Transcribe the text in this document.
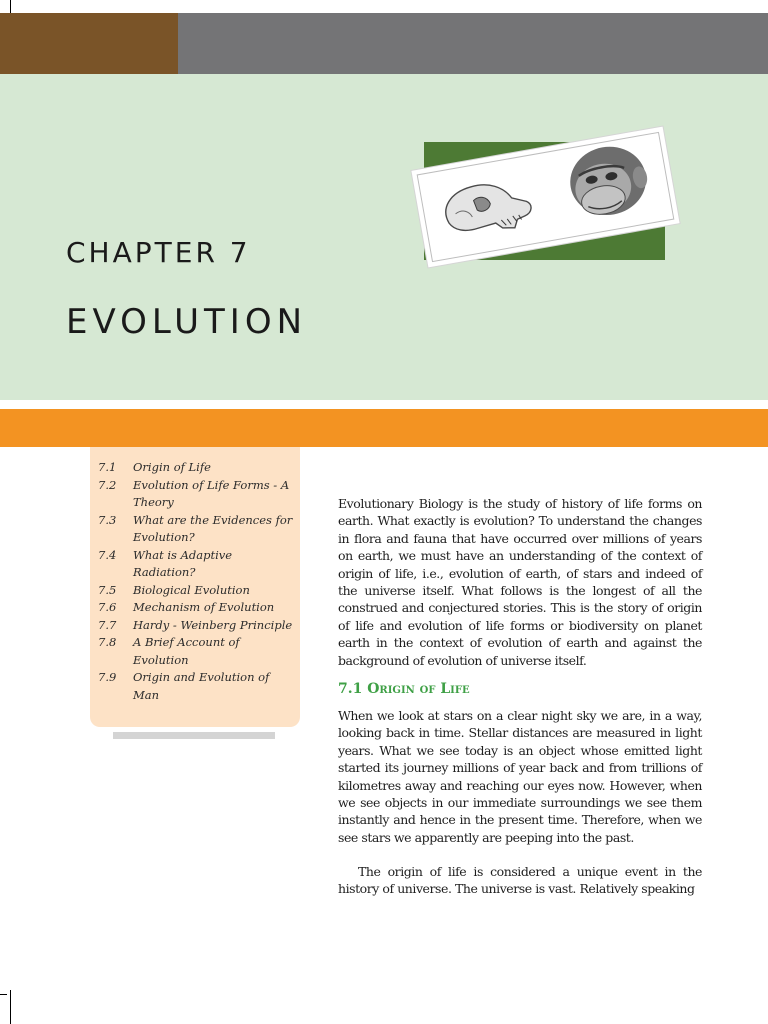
CHAPTER 7
EVOLUTION
7.1	Origin of Life
7.2	Evolution of Life Forms - A Theory
7.3	What are the Evidences for Evolution?
7.4	What is Adaptive Radiation?
7.5	Biological Evolution
7.6	Mechanism of Evolution
7.7	Hardy - Weinberg Principle
7.8	A Brief Account of Evolution
7.9	Origin and Evolution of Man

Evolutionary Biology is the study of history of life forms on earth. What exactly is evolution? To understand the changes in flora and fauna that have occurred over millions of years on earth, we must have an understanding of the context of origin of life, i.e., evolution of earth, of stars and indeed of the universe itself. What follows is the longest of all the construed and conjectured stories. This is the story of origin of life and evolution of life forms or biodiversity on planet earth in the context of evolution of earth and against the background of evolution of universe itself.

7.1 Origin of Life

When we look at stars on a clear night sky we are, in a way, looking back in time. Stellar distances are measured in light years. What we see today is an object whose emitted light started its journey millions of year back and from trillions of kilometres away and reaching our eyes now. However, when we see objects in our immediate surroundings we see them instantly and hence in the present time. Therefore, when we see stars we apparently are peeping into the past.

The origin of life is considered a unique event in the history of universe. The universe is vast. Relatively speaking
